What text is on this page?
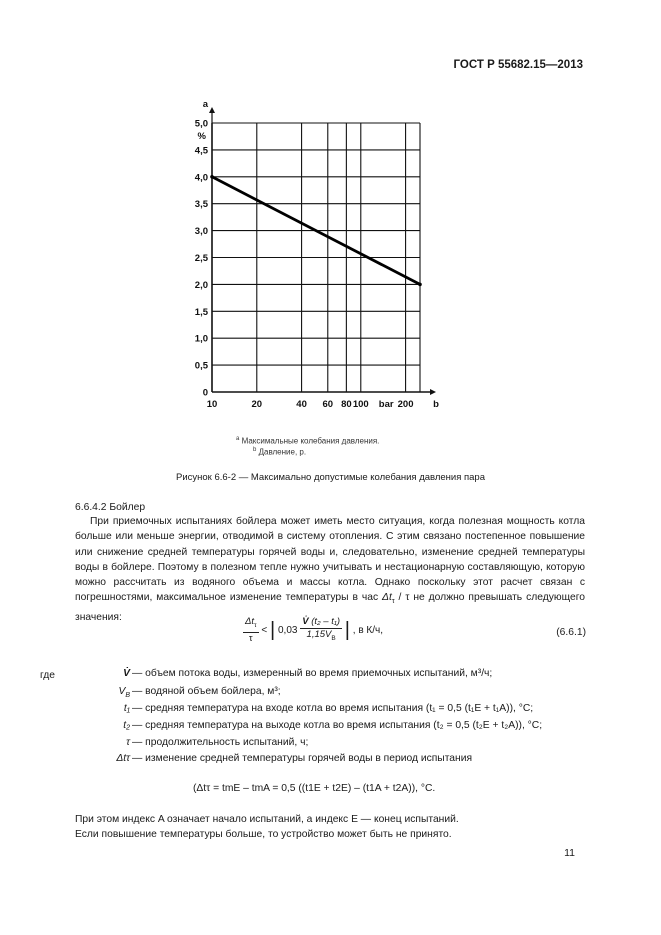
ГОСТ Р 55682.15—2013
5,0
4,5
4,0
3,5
3,0
2,5
2,0
1,5
1,0
0,5
0
%
a
10	20	40 60 80 100	200
bar	b
$^a$ Максимальные колебания давления.
$^b$ Давление, p.
Рисунок 6.6-2 — Максимально допустимые колебания давления пара
6.6.4.2 Бойлер
При приемочных испытаниях бойлера может иметь место ситуация, когда полезная мощность котла больше или меньше энергии, отводимой в систему отопления. С этим связано постепенное повышение или снижение средней температуры горячей воды и, следовательно, изменение средней температуры воды в бойлере. Поэтому в полезном тепле нужно учитывать и нестационарную составляющую, которую можно рассчитать из водяного объема и массы котла. Однако поскольку этот расчет связан с погрешностями, максимальное изменение температуры в час $\Delta t_\tau$ / τ не должно превышать следующего значения:	$\frac{\Delta t_\tau}{\tau}$ < | $0,03 \frac{\text{V̇ (t₂ – t₁)}}{1,15V_B}$ | , в К/ч,	(6.6.1)
где	V̇ — объем потока воды, измеренный во время приемочных испытаний, м³/ч;
$V_B$ — водяной объем бойлера, м³;
t₁ — средняя температура на входе котла во время испытания (t₁ = 0,5 (t₁E + t₁A)), °C;
t₂ — средняя температура на выходе котла во время испытания (t₂ = 0,5 (t₂E + t₂A)), °C;
τ — продолжительность испытаний, ч;
Δtτ — изменение средней температуры горячей воды в период испытания
(Δtτ = tmE – tmA = 0,5 ((t1E + t2E) – (t1A + t2A)), °C.
При этом индекс A означает начало испытаний, а индекс E — конец испытаний.
Если повышение температуры больше, то устройство может быть не принято.
11
